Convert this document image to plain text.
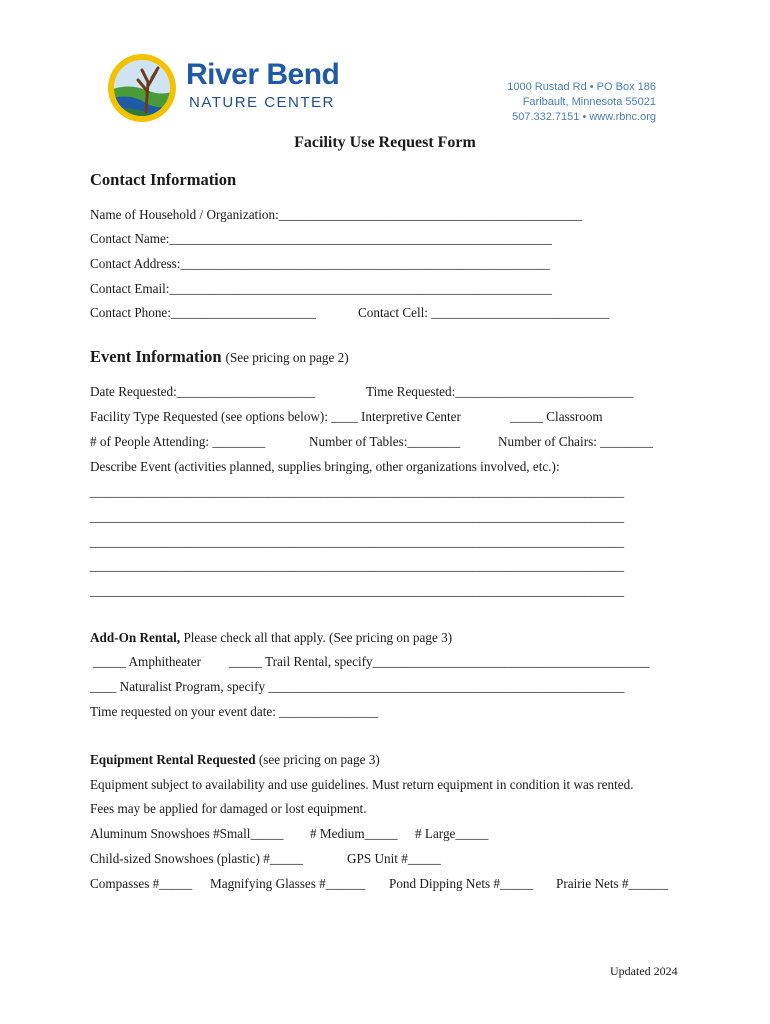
River Bend
NATURE CENTER
1000 Rustad Rd • PO Box 186
Faribault, Minnesota 55021
507.332.7151 • www.rbnc.org
Facility Use Request Form
Contact Information
Name of Household / Organization:______________________________________________
Contact Name:__________________________________________________________
Contact Address:________________________________________________________
Contact Email:__________________________________________________________
Contact Phone:______________________	Contact Cell: ___________________________
Event Information (See pricing on page 2)
Date Requested:_____________________	Time Requested:___________________________
Facility Type Requested (see options below): ____ Interpretive Center	_____ Classroom
# of People Attending: ________	Number of Tables:________	Number of Chairs: ________
Describe Event (activities planned, supplies bringing, other organizations involved, etc.):
_________________________________________________________________________________
_________________________________________________________________________________
_________________________________________________________________________________
_________________________________________________________________________________
_________________________________________________________________________________
Add-On Rental, Please check all that apply. (See pricing on page 3)
_____ Amphitheater _____ Trail Rental, specify__________________________________________
____ Naturalist Program, specify ______________________________________________________
Time requested on your event date: _______________
Equipment Rental Requested (see pricing on page 3)
Equipment subject to availability and use guidelines. Must return equipment in condition it was rented.
Fees may be applied for damaged or lost equipment.
Aluminum Snowshoes #Small_____ # Medium_____ # Large_____
Child-sized Snowshoes (plastic) #_____	GPS Unit #_____
Compasses #_____ Magnifying Glasses #______ Pond Dipping Nets #_____ Prairie Nets #______
Updated 2024
